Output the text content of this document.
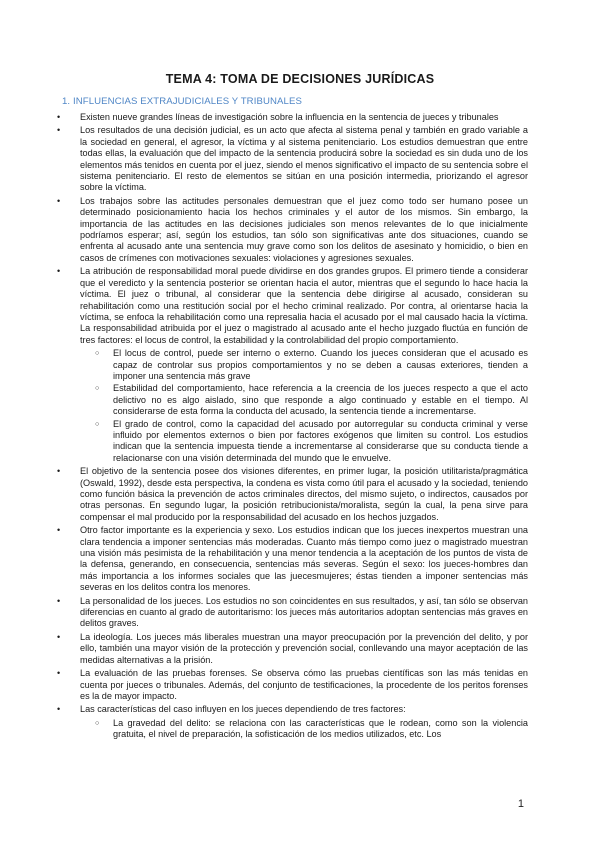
TEMA 4: TOMA DE DECISIONES JURÍDICAS
1. INFLUENCIAS EXTRAJUDICIALES Y TRIBUNALES
• Existen nueve grandes líneas de investigación sobre la influencia en la sentencia de jueces y tribunales
• Los resultados de una decisión judicial, es un acto que afecta al sistema penal y también en grado variable a la sociedad en general, el agresor, la víctima y al sistema penitenciario. Los estudios demuestran que entre todas ellas, la evaluación que del impacto de la sentencia producirá sobre la sociedad es sin duda uno de los elementos más tenidos en cuenta por el juez, siendo el menos significativo el impacto de su sentencia sobre el sistema penitenciario. El resto de elementos se sitúan en una posición intermedia, priorizando el agresor sobre la víctima.
• Los trabajos sobre las actitudes personales demuestran que el juez como todo ser humano posee un determinado posicionamiento hacia los hechos criminales y el autor de los mismos. Sin embargo, la importancia de las actitudes en las decisiones judiciales son menos relevantes de lo que inicialmente podríamos esperar; así, según los estudios, tan sólo son significativas ante dos situaciones, cuando se enfrenta al acusado ante una sentencia muy grave como son los delitos de asesinato y homicidio, o bien en casos de crímenes con motivaciones sexuales: violaciones y agresiones sexuales.
• La atribución de responsabilidad moral puede dividirse en dos grandes grupos. El primero tiende a considerar que el veredicto y la sentencia posterior se orientan hacia el autor, mientras que el segundo lo hace hacia la víctima. El juez o tribunal, al considerar que la sentencia debe dirigirse al acusado, consideran su rehabilitación como una restitución social por el hecho criminal realizado. Por contra, al orientarse hacia la víctima, se enfoca la rehabilitación como una represalia hacia el acusado por el mal causado hacia la víctima. La responsabilidad atribuida por el juez o magistrado al acusado ante el hecho juzgado fluctúa en función de tres factores: el locus de control, la estabilidad y la controlabilidad del propio comportamiento.
○ El locus de control, puede ser interno o externo. Cuando los jueces consideran que el acusado es capaz de controlar sus propios comportamientos y no se deben a causas exteriores, tienden a imponer una sentencia más grave
○ Estabilidad del comportamiento, hace referencia a la creencia de los jueces respecto a que el acto delictivo no es algo aislado, sino que responde a algo continuado y estable en el tiempo. Al considerarse de esta forma la conducta del acusado, la sentencia tiende a incrementarse.
○ El grado de control, como la capacidad del acusado por autorregular su conducta criminal y verse influido por elementos externos o bien por factores exógenos que limiten su control. Los estudios indican que la sentencia impuesta tiende a incrementarse al considerarse que su conducta tiende a relacionarse con una visión determinada del mundo que le envuelve.
• El objetivo de la sentencia posee dos visiones diferentes, en primer lugar, la posición utilitarista/pragmática (Oswald, 1992), desde esta perspectiva, la condena es vista como útil para el acusado y la sociedad, teniendo como función básica la prevención de actos criminales directos, del mismo sujeto, o indirectos, causados por otras personas. En segundo lugar, la posición retribucionista/moralista, según la cual, la pena sirve para compensar el mal producido por la responsabilidad del acusado en los hechos juzgados.
• Otro factor importante es la experiencia y sexo. Los estudios indican que los jueces inexpertos muestran una clara tendencia a imponer sentencias más moderadas. Cuanto más tiempo como juez o magistrado muestran una visión más pesimista de la rehabilitación y una menor tendencia a la aceptación de los puntos de vista de la defensa, generando, en consecuencia, sentencias más severas. Según el sexo: los jueces-hombres dan más importancia a los informes sociales que las juecesmujeres; éstas tienden a imponer sentencias más severas en los delitos contra los menores.
• La personalidad de los jueces. Los estudios no son coincidentes en sus resultados, y así, tan sólo se observan diferencias en cuanto al grado de autoritarismo: los jueces más autoritarios adoptan sentencias más graves en delitos graves.
• La ideología. Los jueces más liberales muestran una mayor preocupación por la prevención del delito, y por ello, también una mayor visión de la protección y prevención social, conllevando una mayor aceptación de las medidas alternativas a la prisión.
• La evaluación de las pruebas forenses. Se observa cómo las pruebas científicas son las más tenidas en cuenta por jueces o tribunales. Además, del conjunto de testificaciones, la procedente de los peritos forenses es la de mayor impacto.
• Las características del caso influyen en los jueces dependiendo de tres factores:
○ La gravedad del delito: se relaciona con las características que le rodean, como son la violencia gratuita, el nivel de preparación, la sofisticación de los medios utilizados, etc. Los
1
